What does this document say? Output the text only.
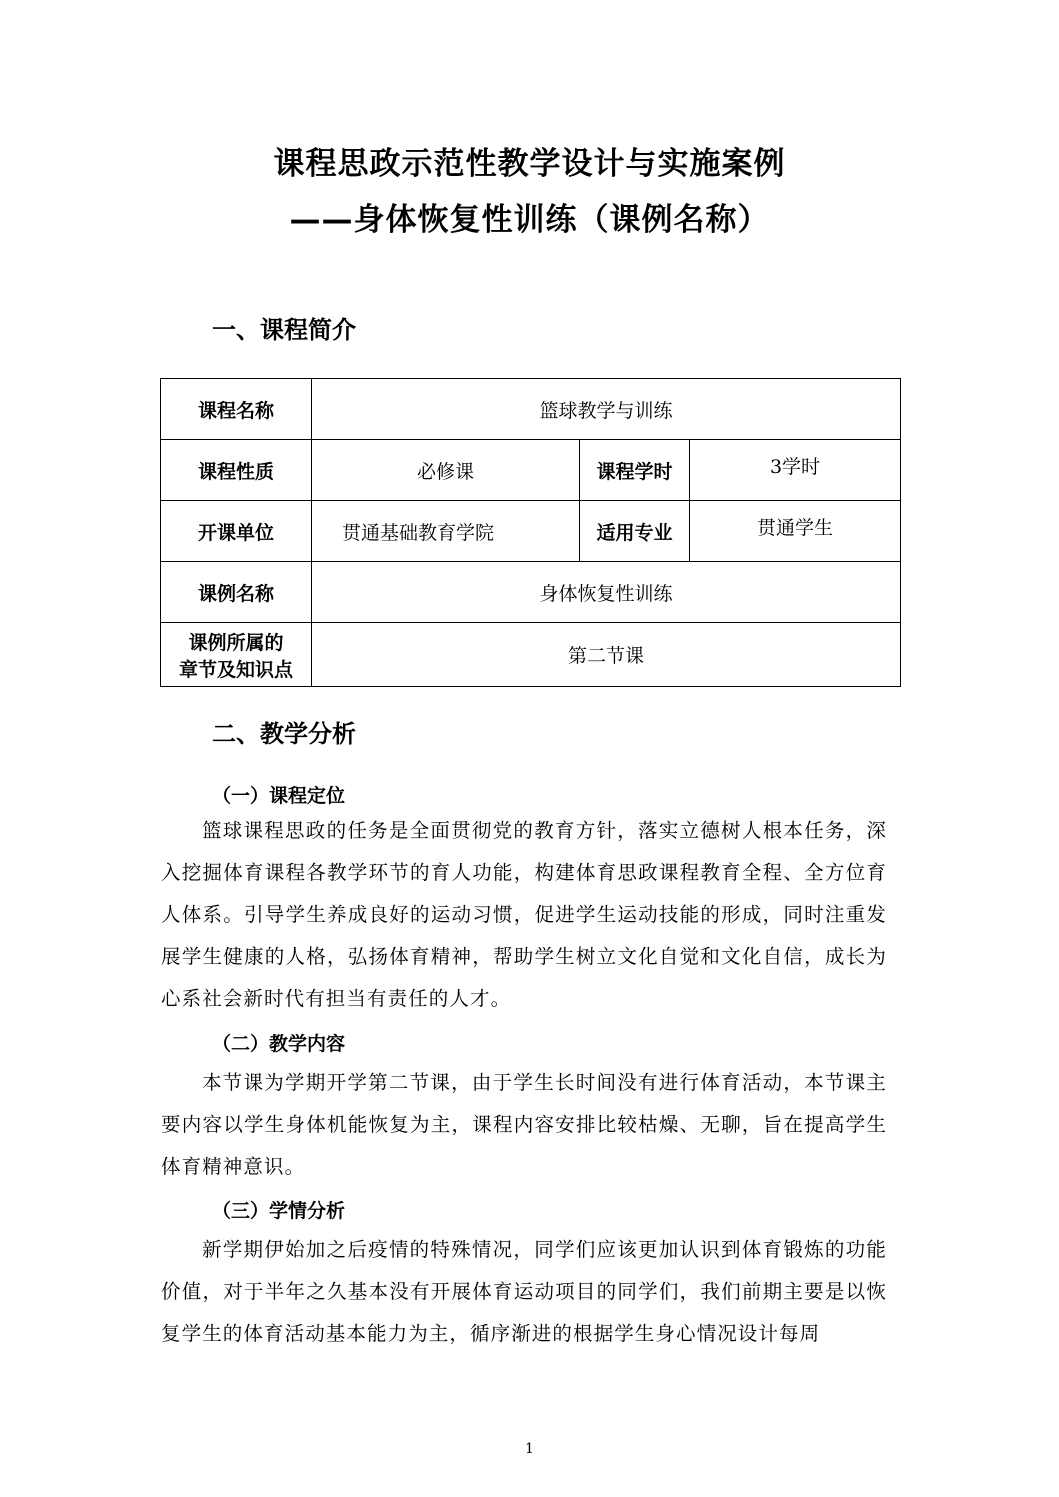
课程思政示范性教学设计与实施案例
——身体恢复性训练（课例名称）
一、课程简介
课程名称	篮球教学与训练		
课程性质	必修课	课程学时	3学时
开课单位	贯通基础教育学院	适用专业	贯通学生
课例名称	身体恢复性训练		

课例所属的
章节及知识点	第二节课		
二、教学分析
（一）课程定位

篮球课程思政的任务是全面贯彻党的教育方针，落实立德树人根本任务，深入挖掘体育课程各教学环节的育人功能，构建体育思政课程教育全程、全方位育人体系。引导学生养成良好的运动习惯，促进学生运动技能的形成，同时注重发展学生健康的人格，弘扬体育精神，帮助学生树立文化自觉和文化自信，成长为心系社会新时代有担当有责任的人才。

（二）教学内容

本节课为学期开学第二节课，由于学生长时间没有进行体育活动，本节课主要内容以学生身体机能恢复为主，课程内容安排比较枯燥、无聊，旨在提高学生体育精神意识。

（三）学情分析

新学期伊始加之后疫情的特殊情况，同学们应该更加认识到体育锻炼的功能价值，对于半年之久基本没有开展体育运动项目的同学们，我们前期主要是以恢复学生的体育活动基本能力为主，循序渐进的根据学生身心情况设计每周

1
